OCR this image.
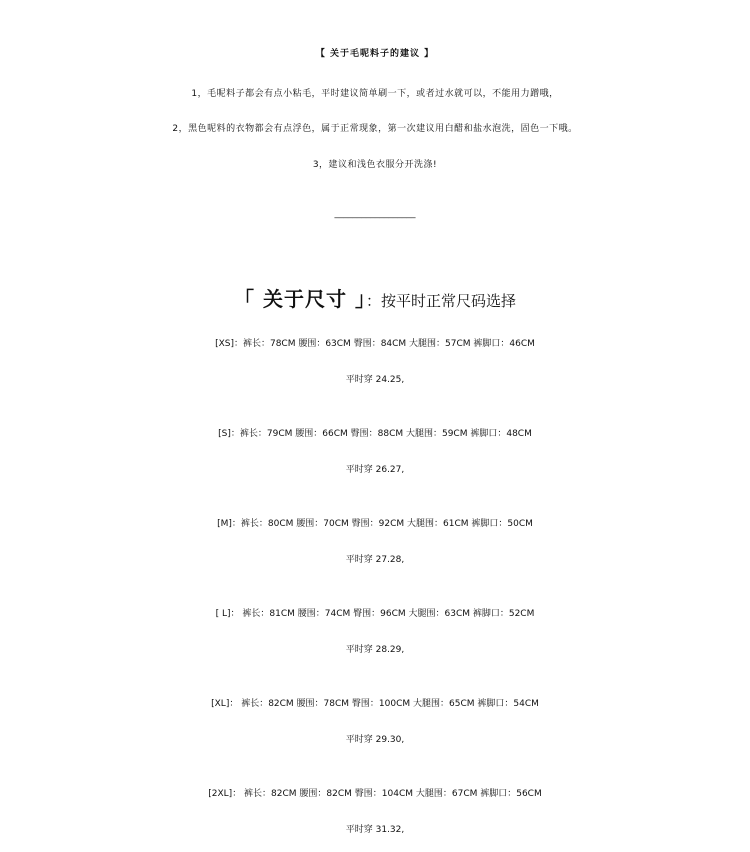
【 关于毛呢料子的建议 】
1，毛呢料子都会有点小粘毛，平时建议简单刷一下，或者过水就可以，不能用力蹭哦，
2，黑色呢料的衣物都会有点浮色，属于正常现象，第一次建议用白醋和盐水泡洗，固色一下哦。
3，建议和浅色衣服分开洗涤!
__________________
「 关于尺寸 」：按平时正常尺码选择
[XS]：裤长：78CM 腰围：63CM 臀围：84CM 大腿围：57CM 裤脚口：46CM
平时穿 24.25,
[S]：裤长：79CM 腰围：66CM 臀围：88CM 大腿围：59CM 裤脚口：48CM
平时穿 26.27,
[M]：裤长：80CM 腰围：70CM 臀围：92CM 大腿围：61CM 裤脚口：50CM
平时穿 27.28,
[ L]： 裤长：81CM 腰围：74CM 臀围：96CM 大腿围：63CM 裤脚口：52CM
平时穿 28.29,
[XL]： 裤长：82CM 腰围：78CM 臀围：100CM 大腿围：65CM 裤脚口：54CM
平时穿 29.30,
[2XL]： 裤长：82CM 腰围：82CM 臀围：104CM 大腿围：67CM 裤脚口：56CM
平时穿 31.32,
